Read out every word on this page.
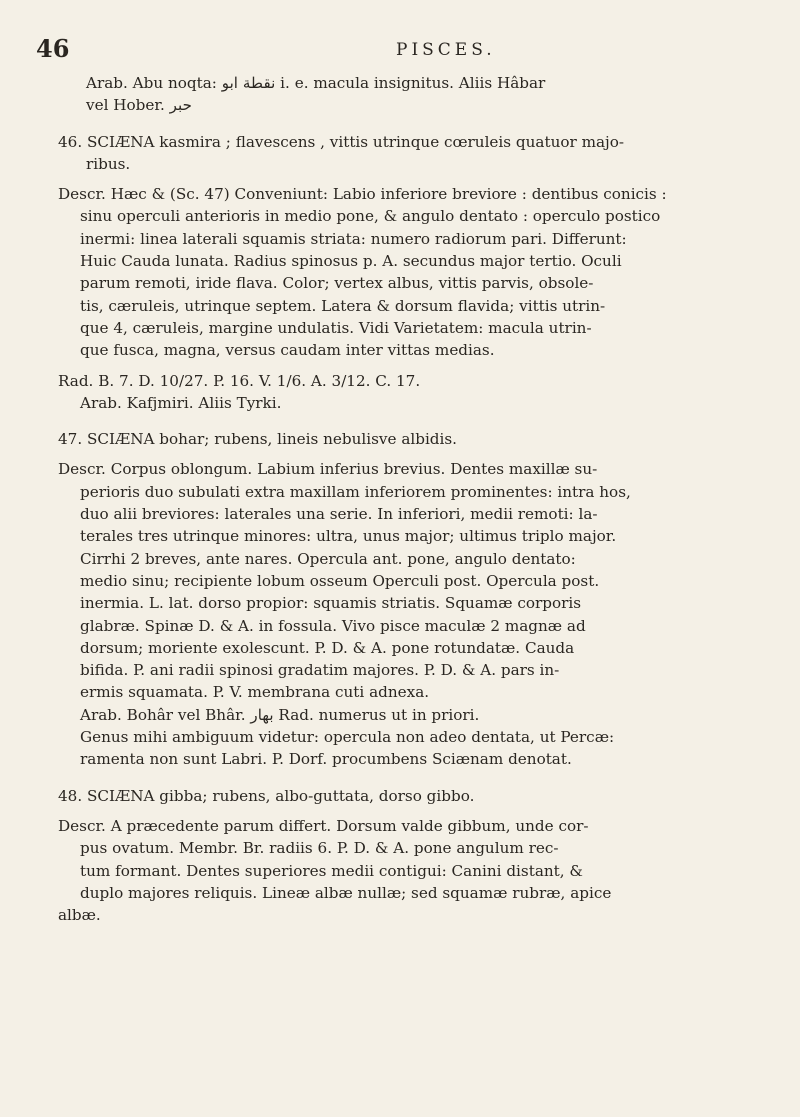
46	PISCES.
Arab. Abu noqta: نقطة ابو i. e. macula insignitus. Aliis Hâbar
vel Hober. حبر
46. SCIÆNA kasmira ; flavescens , vittis utrinque cœruleis quatuor majo-
ribus.
Descr. Hæc & (Sc. 47) Conveniunt: Labio inferiore breviore : dentibus conicis :
sinu operculi anterioris in medio pone, & angulo dentato : operculo postico
inermi: linea laterali squamis striata: numero radiorum pari. Differunt:
Huic Cauda lunata. Radius spinosus p. A. secundus major tertio. Oculi
parum remoti, iride flava. Color; vertex albus, vittis parvis, obsole-
tis, cæruleis, utrinque septem. Latera & dorsum flavida; vittis utrin-
que 4, cæruleis, margine undulatis. Vidi Varietatem: macula utrin-
que fusca, magna, versus caudam inter vittas medias.
Rad. B. 7. D. 10/27. P. 16. V. 1/6. A. 3/12. C. 17.
Arab. Kafjmiri. Aliis Tyrki.
47. SCIÆNA bohar; rubens, lineis nebulisve albidis.
Descr. Corpus oblongum. Labium inferius brevius. Dentes maxillæ su-
perioris duo subulati extra maxillam inferiorem prominentes: intra hos,
duo alii breviores: laterales una serie. In inferiori, medii remoti: la-
terales tres utrinque minores: ultra, unus major; ultimus triplo major.
Cirrhi 2 breves, ante nares. Opercula ant. pone, angulo dentato:
medio sinu; recipiente lobum osseum Operculi post. Opercula post.
inermia. L. lat. dorso propior: squamis striatis. Squamæ corporis
glabræ. Spinæ D. & A. in fossula. Vivo pisce maculæ 2 magnæ ad
dorsum; moriente exolescunt. P. D. & A. pone rotundatæ. Cauda
bifida. P. ani radii spinosi gradatim majores. P. D. & A. pars in-
ermis squamata. P. V. membrana cuti adnexa.
Arab. Bohâr vel Bhâr. بهار Rad. numerus ut in priori.
Genus mihi ambiguum videtur: opercula non adeo dentata, ut Percæ:
ramenta non sunt Labri. P. Dorf. procumbens Sciænam denotat.
48. SCIÆNA gibba; rubens, albo-guttata, dorso gibbo.
Descr. A præcedente parum differt. Dorsum valde gibbum, unde cor-
pus ovatum. Membr. Br. radiis 6. P. D. & A. pone angulum rec-
tum formant. Dentes superiores medii contigui: Canini distant, &
duplo majores reliquis. Lineæ albæ nullæ; sed squamæ rubræ, apice
albæ.
